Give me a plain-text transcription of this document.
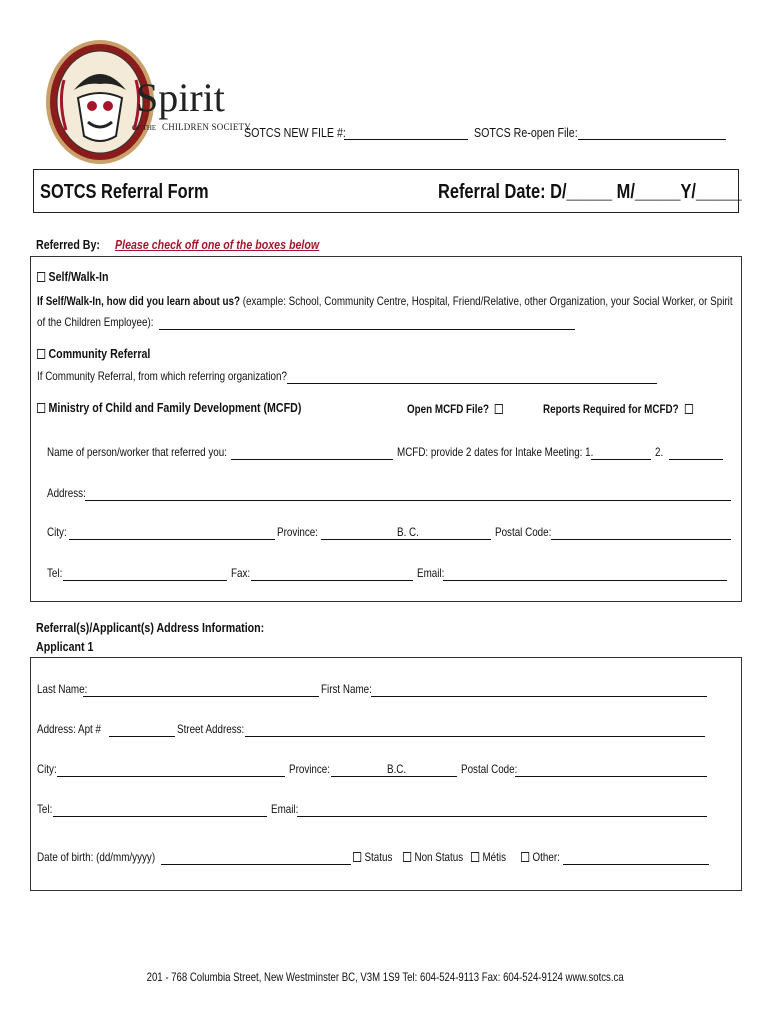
Spirit
OF THE CHILDREN SOCIETY
SOTCS NEW FILE #:	SOTCS Re-open File:
SOTCS Referral Form	Referral Date: D/_____ M/_____Y/_____
Referred By: Please check off one of the boxes below
Self/Walk-In
If Self/Walk-In, how did you learn about us? (example: School, Community Centre, Hospital, Friend/Relative, other Organization, your Social Worker, or Spirit
of the Children Employee):
Community Referral
If Community Referral, from which referring organization?
Ministry of Child and Family Development (MCFD)	Open MCFD File?	Reports Required for MCFD?
Name of person/worker that referred you:	MCFD: provide 2 dates for Intake Meeting: 1.	2.
Address:
City:	Province:	B. C.	Postal Code:
Tel:	Fax:	Email:
Referral(s)/Applicant(s) Address Information:
Applicant 1
Last Name:	First Name:
Address: Apt #	Street Address:
City:	Province:	B.C.	Postal Code:
Tel:	Email:
Date of birth: (dd/mm/yyyy)	Status	Non Status	Métis	Other:
201 - 768 Columbia Street, New Westminster BC, V3M 1S9 Tel: 604-524-9113 Fax: 604-524-9124 www.sotcs.ca
